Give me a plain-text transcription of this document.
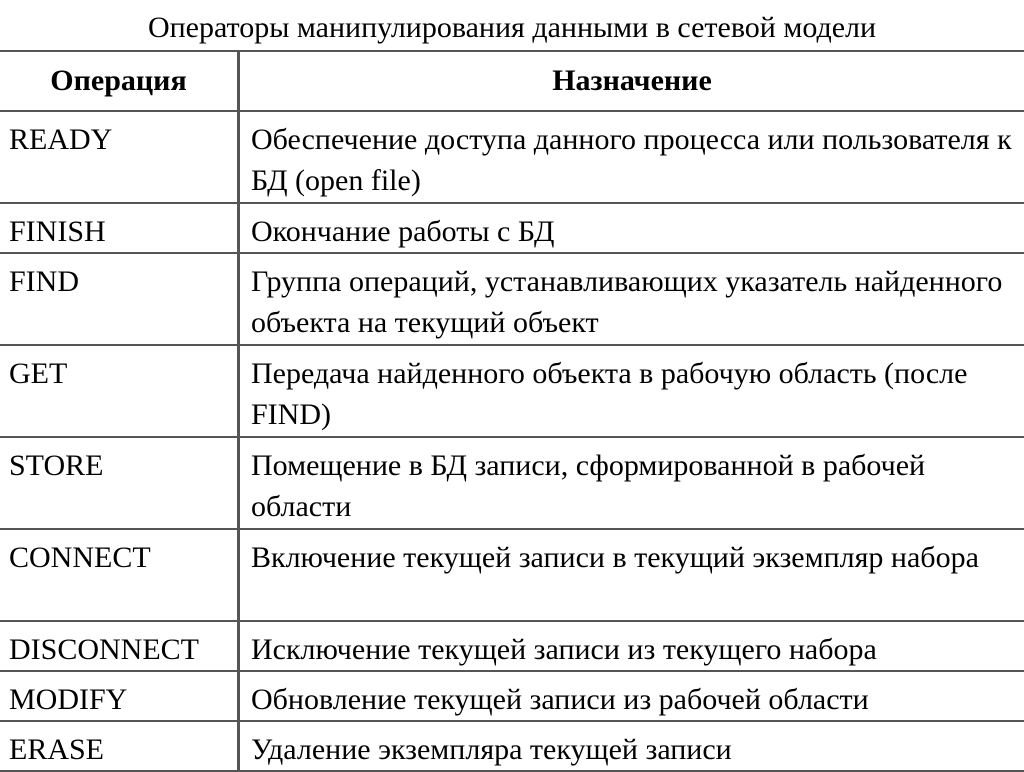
Операторы манипулирования данными в сетевой модели
Операция	Назначение
READY	Обеспечение доступа данного процесса или пользователя к БД (open file)
FINISH	Окончание работы с БД
FIND	Группа операций, устанавливающих указатель найденного объекта на текущий объект
GET	Передача найденного объекта в рабочую область (после FIND)
STORE	Помещение в БД записи, сформированной в рабочей области
CONNECT	Включение текущей записи в текущий экземпляр набора
DISCONNECT	Исключение текущей записи из текущего набора
MODIFY	Обновление текущей записи из рабочей области
ERASE	Удаление экземпляра текущей записи
